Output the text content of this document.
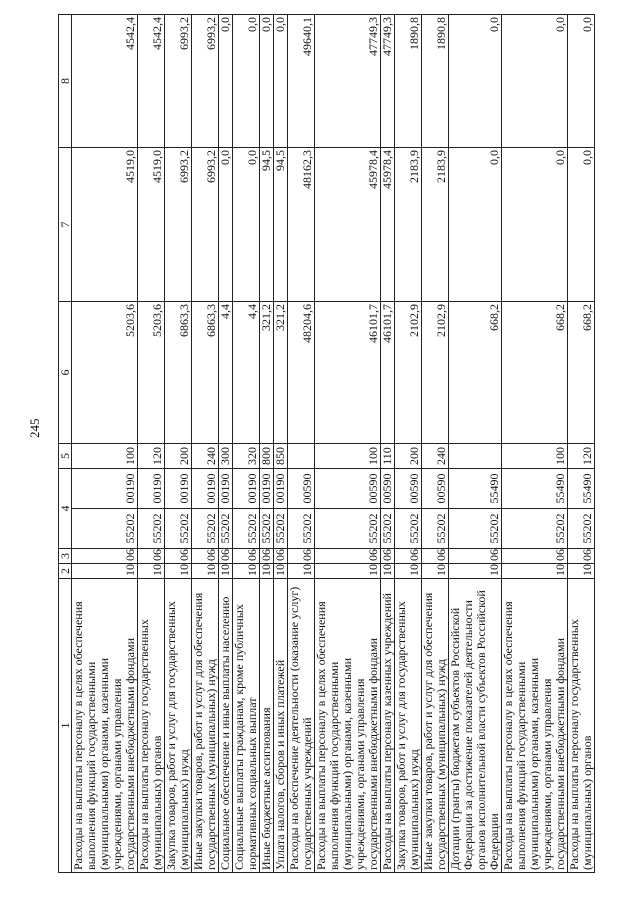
245
1	2	3	4		5	6	7	8
Расходы на выплаты персоналу в целях обеспечения выполнения функций государственными (муниципальными) органами, казенными учреждениями, органами управления государственными внебюджетными фондами	10	06	55202	00190	100	5203,6	4519,0	4542,4
Расходы на выплаты персоналу государственных (муниципальных) органов	10	06	55202	00190	120	5203,6	4519,0	4542,4
Закупка товаров, работ и услуг для государственных (муниципальных) нужд	10	06	55202	00190	200	6863,3	6993,2	6993,2
Иные закупки товаров, работ и услуг для обеспечения государственных (муниципальных) нужд	10	06	55202	00190	240	6863,3	6993,2	6993,2
Социальное обеспечение и иные выплаты населению	10	06	55202	00190	300	4,4	0,0	0,0
Социальные выплаты гражданам, кроме публичных нормативных социальных выплат	10	06	55202	00190	320	4,4	0,0	0,0
Иные бюджетные ассигнования	10	06	55202	00190	800	321,2	94,5	0,0
Уплата налогов, сборов и иных платежей	10	06	55202	00190	850	321,2	94,5	0,0
Расходы на обеспечение деятельности (оказание услуг) государственных учреждений	10	06	55202	00590		48204,6	48162,3	49640,1
Расходы на выплаты персоналу в целях обеспечения выполнения функций государственными (муниципальными) органами, казенными учреждениями, органами управления государственными внебюджетными фондами	10	06	55202	00590	100	46101,7	45978,4	47749,3
Расходы на выплаты персоналу казенных учреждений	10	06	55202	00590	110	46101,7	45978,4	47749,3
Закупка товаров, работ и услуг для государственных (муниципальных) нужд	10	06	55202	00590	200	2102,9	2183,9	1890,8
Иные закупки товаров, работ и услуг для обеспечения государственных (муниципальных) нужд	10	06	55202	00590	240	2102,9	2183,9	1890,8
Дотации (гранты) бюджетам субъектов Российской Федерации за достижение показателей деятельности органов исполнительной власти субъектов Российской Федерации	10	06	55202	55490		668,2	0,0	0,0
Расходы на выплаты персоналу в целях обеспечения выполнения функций государственными (муниципальными) органами, казенными учреждениями, органами управления государственными внебюджетными фондами	10	06	55202	55490	100	668,2	0,0	0,0
Расходы на выплаты персоналу государственных (муниципальных) органов	10	06	55202	55490	120	668,2	0,0	0,0
